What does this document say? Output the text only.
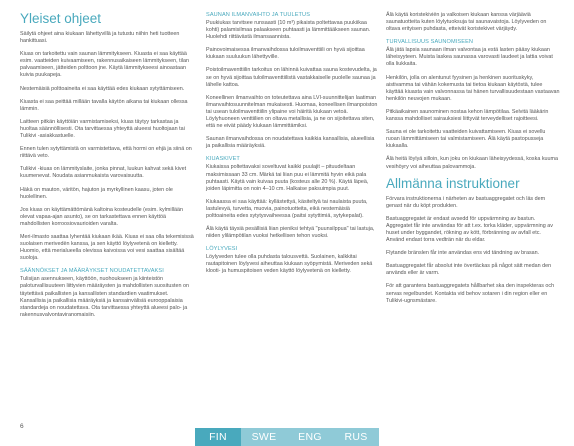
Yleiset ohjeet

Säilytä ohjeet aina kiukaan lähettyvillä ja tutustu niihin heti tuotteen hankittuasi.

Kiuas on tarkoitettu vain saunan lämmitykseen. Kiuasta ei saa käyttää esim. vaatteiden kuivaamiseen, rakennusaikaiseen lämmitykseen, tilan palvaamiseen, jätteiden polttoon jne. Käytä lämmitykseesi ainoastaan kuivia puukapeja.

Nestemäisiä polttoaineita ei saa käyttää edes kiukaan sytyttämiseen.

Kiuasta ei saa peittää millään tavalla käytön aikana tai kiukaan ollessa lämmin.

Laitteen pitkän käyttöiän varmistamiseksi, kiuas täytyy tarkastaa ja huoltaa säännöllisesti. Ota tarvittaessa yhteyttä alueesi huoltojaan tai Tulikivi -asiakkastuelle.

Ennen tulen sytyttämistä on varmistettava, että hormi on ehjä ja siinä on riittävä veto.

Tulikivi -kiuas on lämmityslaite, jonka pinnat, luukun kahvat sekä kivet kuumenevat. Noudata asianmukaista varovaisuutta.

Häkä on mauton, väritön, hajuton ja myrkyllinen kaasu, joten ole huolellinen.

Jos kiuas on käyttämättömänä kaltoina kosteudelle (esim. kylmillään olevat vapaa-ajan asunto), se on tarkastettava ennen käyttöä mahdollisten korroosiovaurioiden varalta.

Meri-ilmasto saattaa lyhentää kiukaan ikää. Kiuas ei saa olla tekemisissä suolaisen merivedën kanssa, ja sen käyttö löylyvetenä on kielletty. Huomio, että merialueella olevissa kaivoissa voi vesi saattaa sisältää suoloja.

SÄÄNNÖKSET JA MÄÄRÄYKSET NOUDATETTAVAKSI

Tulisijan asennukseen, käyttöön, nuohoukseen ja kiinteistön paloturvallisuuteen liittyvien määräysten ja mahdollisten suositusten on täytettävä paikallisten ja kansallisten standardien vaatimukset. Kansallisia ja paikallisia määräyksiä ja kansainvälisiä eurooppalaisia standardeja on noudatettava. Ota tarvittaessa yhteyttä alueesi palo- ja rakennusvalvontaviranomaisiin.

SAUNAN ILMANVAIHTO JA TUULETUS

Puukiukas tarvitsee runsaasti (10 m³) pikaista poltettavaa puukiikaa kohti) palamisilmaa palaakseen puhtaasti ja lämmittääkseen saunan. Huolehdi riittävästä ilmansaannista.

Painovoimaisessa ilmanvaihdossa tuloilmaventtiili on hyvä sijoittaa kiukaan suuluukun lähettyville.

Poistoilmaventtiilin tarkoitus on lähinnä kuivattaa sauna kostevudelta, ja se on hyvä sijoittaa tuloilmaventtiilistä vastakkaiselle puolelle saunaa ja lähelle kattoa.

Koneellinen ilmanvaihto on toteutettava aina LVI-suunnittelijan laatiman ilmanvaihtosuunnitelman mukaisesti. Huomaa, koneellisen ilmanpoiston tai usean tuloilmaventtiilin ylipaine voi häiritä kiukaan vetoä. Löylyhuoneen venttiilien on oltava metallisia, ja ne on sijoitettava siten, että ne eivät päädy kiukaan lämmittämiksi.

Saunan ilmanvaihdossa on noudatettava kaikkia kansallisia, alueellisia ja paikallisia määräyksiä.

KIUASKIVET

Kiukaissa poltettavaksi soveltuvat kaikki puulajit – pituudeltaan maksimissaan 33 cm. Märkä tai liian puu ei lämmitä hyvin eikä pala puhtaasti. Käytä vain kuivaa puuta (kosteus alle 20 %). Käytä läpeä, joiden läpimitta on noin 4–10 cm. Halkaise paksuimpia puut.

Kiukaassa ei saa käyttää: kyllästettyä, käsiteltyä tai naulaista puuta, lastulevyä, turvetta, muovia, painotuotteita, eikä nestemäisiä polttoaineita edes sytytysvaiheessa (paitsi sytyttimiä, sytykepalat).

Älä käytä täysiä pesällisiä liian pieniksi tehtyä "puunsilppua" tai lastuja, niiden ylilämpötilan vuoksi hetkellisen tehon vuoksi.

LÖYLYVESI

Löylyveden tulee olla puhdasta talousvettä. Suolainen, kalkkitai rautapitoinen löylyvesi aiheuttaa kiukaan syöpymistä. Meriveden sekä klooti- ja humuspitoisen veden käyttö löylyvetenä on kielletty.

Älä käytä koristekiviën ja valkoisen kiukaan kanssa värjääviä saunatuotteita kuten löylytuoksuja tai saunavaistoja. Löylyveden on oltava erityisen puhdasta, etteivät koristekivet värjäydy.

TURVALLISUUS SAUNOMISEEN

Älä jätä lapsia saunaan ilman valvontaa ja estä lasten pääsy kiukaan läheisyyteen. Muista laskea saunassa varovasti laudeet ja lattia voivat olla liukkaita.

Henkilön, jolla on alentunut fyysinen ja henkinen suorituskyky, aistivamma tai vähän kokemusta tai tietoa kiukaan käytöstä, tulee käyttää kiuasta vain valvonnassa tai hänen turvallisuudestaan vastaavan henkilön neuvojen mukaan.

Pitkäaikainen saunominen nostaa kehon lämpötilaa. Selvitä lääkärin kanssa mahdolliset sairauksiesi liittyvät terveydelliset rajoitteesi.

Sauna ei ole tarkoitettu vaatteiden kuivattamiseen. Kiuas ei sovellu ruoan lämmittämiseen tai valmistamiseen. Älä käytä pastopusseja kiukaalla.

Älä heitä löylyä silloin, kun joku on kiukaan läheisyydessä, koska kuuma vesihöyry voi aiheuttaa palovammoja.

Allmänna instruktioner

Förvara instruktionerna i närheten av bastuaggregatet och läs dem genast när du köpt produkten.

Bastuaggregatet är endast avsedd för uppvärmning av bastun. Aggregatet får inte användas för att t.ex. torka kläder, uppvärmning av huset under byggandet, rökning av kött, förbränning av avfall etc. Använd endast torra vedträn när du eldar.

Flytande bränslen får inte användas ens vid tändning av brasan.

Bastuaggregatet får absolut inte övertäckas på något sätt medan den används eller är varm.

För att garantera bastuaggregatets hållbarhet ska den inspekteras och servas regelbundet. Kontakta vid behov sotaren i din region eller en Tulikivi-ugnsmästare.

6
FIN	SWE	ENG	RUS
